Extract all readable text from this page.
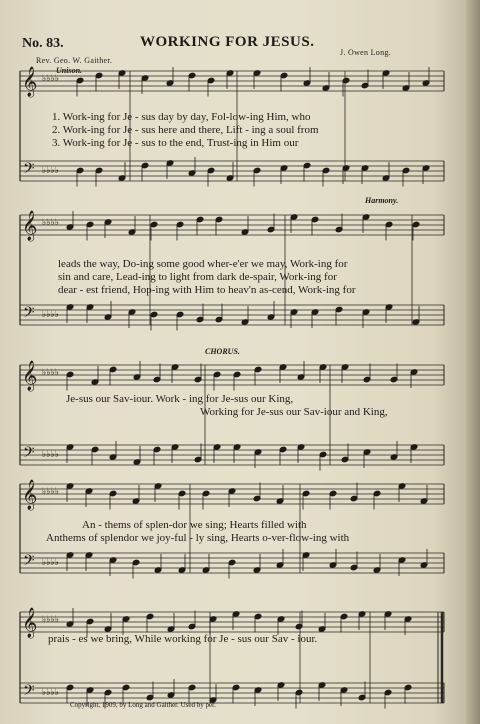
No. 83.	WORKING FOR JESUS.
Rev. Geo. W. Gaither.
J. Owen Long.
Unison.
Harmony.
CHORUS.
𝄞
𝄢
♭♭♭♭
♭♭♭♭
𝄞
𝄢
♭♭♭♭
♭♭♭♭
𝄞
𝄢
♭♭♭♭
♭♭♭♭
𝄞
𝄢
♭♭♭♭
♭♭♭♭
𝄞
𝄢
♭♭♭♭
♭♭♭♭
1. Work-ing for Je - sus day by day, Fol-low-ing Him, who
2. Work-ing for Je - sus here and there, Lift - ing a soul from
3. Work-ing for Je - sus to the end, Trust-ing in Him our
leads the way, Do-ing some good wher-e'er we may, Work-ing for
sin and care, Lead-ing to light from dark de-spair, Work-ing for
dear - est friend, Hop-ing with Him to heav'n as-cend, Work-ing for
Je-sus our Sav-iour. Work - ing for Je-sus our King,
Working for Je-sus our Sav-iour and King,
An - thems of splen-dor we sing; Hearts filled with
Anthems of splendor we joy-ful - ly sing, Hearts o-ver-flow-ing with
prais - es we bring, While working for Je - sus our Sav - iour.
Copyright, 1909, by Long and Gaither. Used by per.
